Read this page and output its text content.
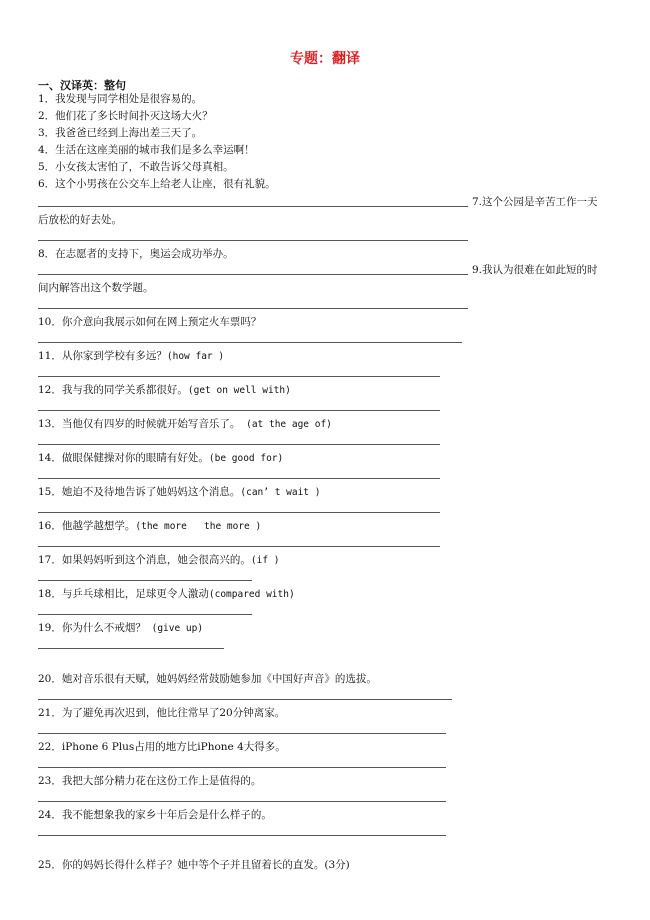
专题：翻译
一、汉译英：整句
1．我发现与同学相处是很容易的。
2．他们花了多长时间扑灭这场大火？
3．我爸爸已经到上海出差三天了。
4．生活在这座美丽的城市我们是多么幸运啊！
5．小女孩太害怕了，不敢告诉父母真相。
6．这个小男孩在公交车上给老人让座，很有礼貌。
7.这个公园是辛苦工作一天
后放松的好去处。
8．在志愿者的支持下，奥运会成功举办。
9.我认为很难在如此短的时
间内解答出这个数学题。
10．你介意向我展示如何在网上预定火车票吗？
11．从你家到学校有多远？(how far )
12．我与我的同学关系都很好。(get on well with)
13．当他仅有四岁的时候就开始写音乐了。 (at the age of)
14．做眼保健操对你的眼睛有好处。(be good for)
15．她迫不及待地告诉了她妈妈这个消息。(can’ t wait )
16．他越学越想学。(the more   the more )
17．如果妈妈听到这个消息，她会很高兴的。(if )
18．与乒乓球相比，足球更令人激动(compared with)
19．你为什么不戒烟？ (give up)
20．她对音乐很有天赋，她妈妈经常鼓励她参加《中国好声音》的选拔。
21．为了避免再次迟到，他比往常早了20分钟离家。
22．iPhone 6 Plus占用的地方比iPhone 4大得多。
23．我把大部分精力花在这份工作上是值得的。
24．我不能想象我的家乡十年后会是什么样子的。
25．你的妈妈长得什么样子？她中等个子并且留着长的直发。(3分)
